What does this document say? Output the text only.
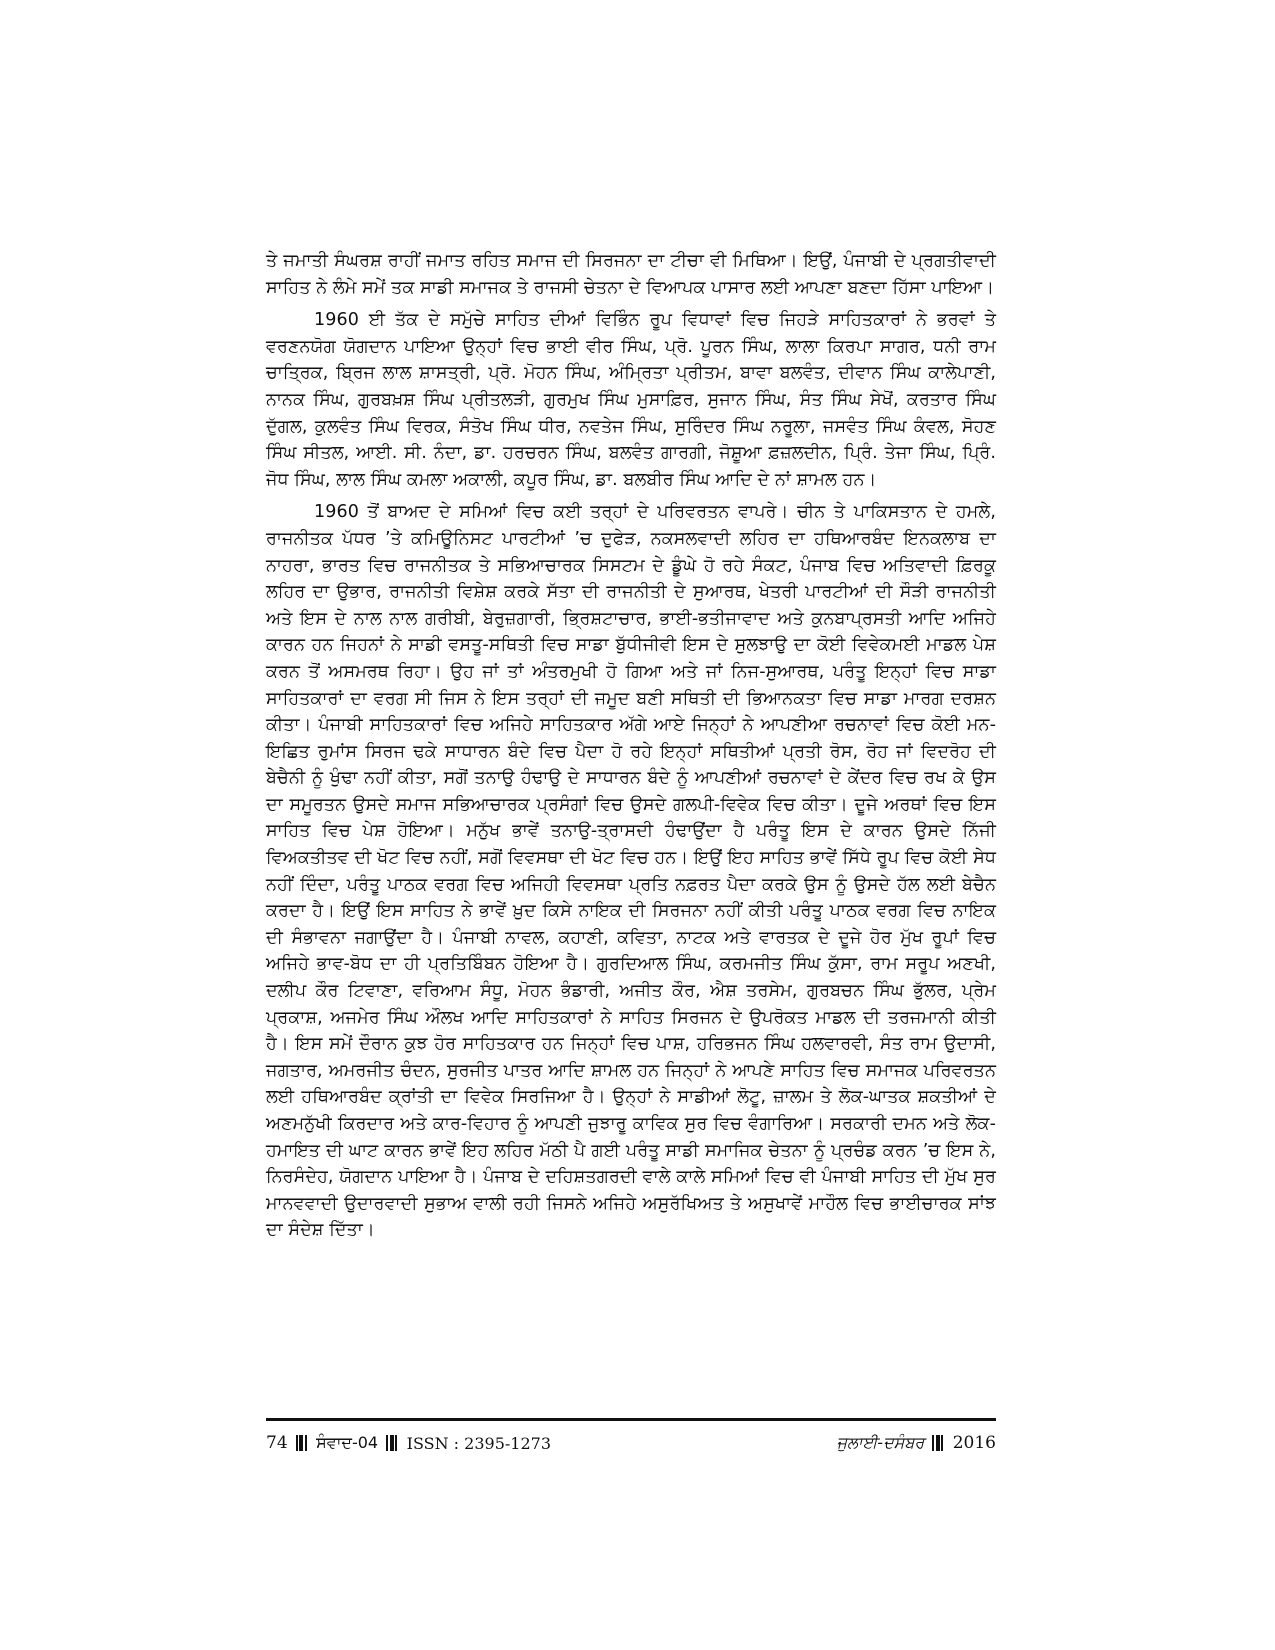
ਤੇ ਜਮਾਤੀ ਸੰਘਰਸ਼ ਰਾਹੀਂ ਜਮਾਤ ਰਹਿਤ ਸਮਾਜ ਦੀ ਸਿਰਜਨਾ ਦਾ ਟੀਚਾ ਵੀ ਮਿਥਿਆ। ਇਉਂ, ਪੰਜਾਬੀ ਦੇ ਪ੍ਰਗਤੀਵਾਦੀ ਸਾਹਿਤ ਨੇ ਲੰਮੇ ਸਮੇਂ ਤਕ ਸਾਡੀ ਸਮਾਜਕ ਤੇ ਰਾਜਸੀ ਚੇਤਨਾ ਦੇ ਵਿਆਪਕ ਪਾਸਾਰ ਲਈ ਆਪਣਾ ਬਣਦਾ ਹਿੱਸਾ ਪਾਇਆ।

1960 ਈ ਤੱਕ ਦੇ ਸਮੁੱਚੇ ਸਾਹਿਤ ਦੀਆਂ ਵਿਭਿੰਨ ਰੂਪ ਵਿਧਾਵਾਂ ਵਿਚ ਜਿਹੜੇ ਸਾਹਿਤਕਾਰਾਂ ਨੇ ਭਰਵਾਂ ਤੇ ਵਰਣਨਯੋਗ ਯੋਗਦਾਨ ਪਾਇਆ ਉਨ੍ਹਾਂ ਵਿਚ ਭਾਈ ਵੀਰ ਸਿੰਘ, ਪ੍ਰੋ. ਪੂਰਨ ਸਿੰਘ, ਲਾਲਾ ਕਿਰਪਾ ਸਾਗਰ, ਧਨੀ ਰਾਮ ਚਾਤ੍ਰਿਕ, ਬ੍ਰਿਜ ਲਾਲ ਸ਼ਾਸਤ੍ਰੀ, ਪ੍ਰੋ. ਮੋਹਨ ਸਿੰਘ, ਅੰਮ੍ਰਿਤਾ ਪ੍ਰੀਤਮ, ਬਾਵਾ ਬਲਵੰਤ, ਦੀਵਾਨ ਸਿੰਘ ਕਾਲੇਪਾਣੀ, ਨਾਨਕ ਸਿੰਘ, ਗੁਰਬਖ਼ਸ਼ ਸਿੰਘ ਪ੍ਰੀਤਲੜੀ, ਗੁਰਮੁਖ ਸਿੰਘ ਮੁਸਾਫ਼ਿਰ, ਸੁਜਾਨ ਸਿੰਘ, ਸੰਤ ਸਿੰਘ ਸੇਖੋਂ, ਕਰਤਾਰ ਸਿੰਘ ਦੁੱਗਲ, ਕੁਲਵੰਤ ਸਿੰਘ ਵਿਰਕ, ਸੰਤੋਖ ਸਿੰਘ ਧੀਰ, ਨਵਤੇਜ ਸਿੰਘ, ਸੁਰਿੰਦਰ ਸਿੰਘ ਨਰੂਲਾ, ਜਸਵੰਤ ਸਿੰਘ ਕੰਵਲ, ਸੋਹਣ ਸਿੰਘ ਸੀਤਲ, ਆਈ. ਸੀ. ਨੰਦਾ, ਡਾ. ਹਰਚਰਨ ਸਿੰਘ, ਬਲਵੰਤ ਗਾਰਗੀ, ਜੋਸ਼ੂਆ ਫ਼ਜ਼ਲਦੀਨ, ਪ੍ਰਿੰ. ਤੇਜਾ ਸਿੰਘ, ਪ੍ਰਿੰ. ਜੋਧ ਸਿੰਘ, ਲਾਲ ਸਿੰਘ ਕਮਲਾ ਅਕਾਲੀ, ਕਪੂਰ ਸਿੰਘ, ਡਾ. ਬਲਬੀਰ ਸਿੰਘ ਆਦਿ ਦੇ ਨਾਂ ਸ਼ਾਮਲ ਹਨ।

1960 ਤੋਂ ਬਾਅਦ ਦੇ ਸਮਿਆਂ ਵਿਚ ਕਈ ਤਰ੍ਹਾਂ ਦੇ ਪਰਿਵਰਤਨ ਵਾਪਰੇ। ਚੀਨ ਤੇ ਪਾਕਿਸਤਾਨ ਦੇ ਹਮਲੇ, ਰਾਜਨੀਤਕ ਪੱਧਰ ’ਤੇ ਕਮਿਊਨਿਸਟ ਪਾਰਟੀਆਂ ’ਚ ਦੁਫੇੜ, ਨਕਸਲਵਾਦੀ ਲਹਿਰ ਦਾ ਹਥਿਆਰਬੰਦ ਇਨਕਲਾਬ ਦਾ ਨਾਹਰਾ, ਭਾਰਤ ਵਿਚ ਰਾਜਨੀਤਕ ਤੇ ਸਭਿਆਚਾਰਕ ਸਿਸਟਮ ਦੇ ਡੂੰਘੇ ਹੋ ਰਹੇ ਸੰਕਟ, ਪੰਜਾਬ ਵਿਚ ਅਤਿਵਾਦੀ ਫ਼ਿਰਕੂ ਲਹਿਰ ਦਾ ਉਭਾਰ, ਰਾਜਨੀਤੀ ਵਿਸ਼ੇਸ਼ ਕਰਕੇ ਸੱਤਾ ਦੀ ਰਾਜਨੀਤੀ ਦੇ ਸੁਆਰਥ, ਖੇਤਰੀ ਪਾਰਟੀਆਂ ਦੀ ਸੌੜੀ ਰਾਜਨੀਤੀ ਅਤੇ ਇਸ ਦੇ ਨਾਲ ਨਾਲ ਗਰੀਬੀ, ਬੇਰੁਜ਼ਗਾਰੀ, ਭ੍ਰਿਸ਼ਟਾਚਾਰ, ਭਾਈ-ਭਤੀਜਾਵਾਦ ਅਤੇ ਕੁਨਬਾਪ੍ਰਸਤੀ ਆਦਿ ਅਜਿਹੇ ਕਾਰਨ ਹਨ ਜਿਹਨਾਂ ਨੇ ਸਾਡੀ ਵਸਤੂ-ਸਥਿਤੀ ਵਿਚ ਸਾਡਾ ਬੁੱਧੀਜੀਵੀ ਇਸ ਦੇ ਸੁਲਝਾਉ ਦਾ ਕੋਈ ਵਿਵੇਕਮਈ ਮਾਡਲ ਪੇਸ਼ ਕਰਨ ਤੋਂ ਅਸਮਰਥ ਰਿਹਾ। ਉਹ ਜਾਂ ਤਾਂ ਅੰਤਰਮੁਖੀ ਹੋ ਗਿਆ ਅਤੇ ਜਾਂ ਨਿਜ-ਸੁਆਰਥ, ਪਰੰਤੂ ਇਨ੍ਹਾਂ ਵਿਚ ਸਾਡਾ ਸਾਹਿਤਕਾਰਾਂ ਦਾ ਵਰਗ ਸੀ ਜਿਸ ਨੇ ਇਸ ਤਰ੍ਹਾਂ ਦੀ ਜਮੂਦ ਬਣੀ ਸਥਿਤੀ ਦੀ ਭਿਆਨਕਤਾ ਵਿਚ ਸਾਡਾ ਮਾਰਗ ਦਰਸ਼ਨ ਕੀਤਾ। ਪੰਜਾਬੀ ਸਾਹਿਤਕਾਰਾਂ ਵਿਚ ਅਜਿਹੇ ਸਾਹਿਤਕਾਰ ਅੱਗੇ ਆਏ ਜਿਨ੍ਹਾਂ ਨੇ ਆਪਣੀਆ ਰਚਨਾਵਾਂ ਵਿਚ ਕੋਈ ਮਨ-ਇਛਿਤ ਰੁਮਾਂਸ ਸਿਰਜ ਢਕੇ ਸਾਧਾਰਨ ਬੰਦੇ ਵਿਚ ਪੈਦਾ ਹੋ ਰਹੇ ਇਨ੍ਹਾਂ ਸਥਿਤੀਆਂ ਪ੍ਰਤੀ ਰੋਸ, ਰੋਹ ਜਾਂ ਵਿਦਰੋਹ ਦੀ ਬੇਚੈਨੀ ਨੂੰ ਖੁੰਢਾ ਨਹੀਂ ਕੀਤਾ, ਸਗੋਂ ਤਨਾਉ ਹੰਢਾਉ ਦੇ ਸਾਧਾਰਨ ਬੰਦੇ ਨੂੰ ਆਪਣੀਆਂ ਰਚਨਾਵਾਂ ਦੇ ਕੇਂਦਰ ਵਿਚ ਰਖ ਕੇ ਉਸ ਦਾ ਸਮੂਰਤਨ ਉਸਦੇ ਸਮਾਜ ਸਭਿਆਚਾਰਕ ਪ੍ਰਸੰਗਾਂ ਵਿਚ ਉਸਦੇ ਗਲਪੀ-ਵਿਵੇਕ ਵਿਚ ਕੀਤਾ। ਦੂਜੇ ਅਰਥਾਂ ਵਿਚ ਇਸ ਸਾਹਿਤ ਵਿਚ ਪੇਸ਼ ਹੋਇਆ। ਮਨੁੱਖ ਭਾਵੇਂ ਤਨਾਉ-ਤ੍ਰਾਸਦੀ ਹੰਢਾਉਂਦਾ ਹੈ ਪਰੰਤੂ ਇਸ ਦੇ ਕਾਰਨ ਉਸਦੇ ਨਿੱਜੀ ਵਿਅਕਤੀਤਵ ਦੀ ਖੋਟ ਵਿਚ ਨਹੀਂ, ਸਗੋਂ ਵਿਵਸਥਾ ਦੀ ਖੋਟ ਵਿਚ ਹਨ। ਇਉਂ ਇਹ ਸਾਹਿਤ ਭਾਵੇਂ ਸਿੱਧੇ ਰੂਪ ਵਿਚ ਕੋਈ ਸੇਧ ਨਹੀਂ ਦਿੰਦਾ, ਪਰੰਤੂ ਪਾਠਕ ਵਰਗ ਵਿਚ ਅਜਿਹੀ ਵਿਵਸਥਾ ਪ੍ਰਤਿ ਨਫ਼ਰਤ ਪੈਦਾ ਕਰਕੇ ਉਸ ਨੂੰ ਉਸਦੇ ਹੱਲ ਲਈ ਬੇਚੈਨ ਕਰਦਾ ਹੈ। ਇਉਂ ਇਸ ਸਾਹਿਤ ਨੇ ਭਾਵੇਂ ਖ਼ੁਦ ਕਿਸੇ ਨਾਇਕ ਦੀ ਸਿਰਜਨਾ ਨਹੀਂ ਕੀਤੀ ਪਰੰਤੂ ਪਾਠਕ ਵਰਗ ਵਿਚ ਨਾਇਕ ਦੀ ਸੰਭਾਵਨਾ ਜਗਾਉਂਦਾ ਹੈ। ਪੰਜਾਬੀ ਨਾਵਲ, ਕਹਾਣੀ, ਕਵਿਤਾ, ਨਾਟਕ ਅਤੇ ਵਾਰਤਕ ਦੇ ਦੂਜੇ ਹੋਰ ਮੁੱਖ ਰੂਪਾਂ ਵਿਚ ਅਜਿਹੇ ਭਾਵ-ਬੋਧ ਦਾ ਹੀ ਪ੍ਰਤਿਬਿੰਬਨ ਹੋਇਆ ਹੈ। ਗੁਰਦਿਆਲ ਸਿੰਘ, ਕਰਮਜੀਤ ਸਿੰਘ ਕੁੱਸਾ, ਰਾਮ ਸਰੂਪ ਅਣਖੀ, ਦਲੀਪ ਕੌਰ ਟਿਵਾਣਾ, ਵਰਿਆਮ ਸੰਧੂ, ਮੋਹਨ ਭੰਡਾਰੀ, ਅਜੀਤ ਕੌਰ, ਐਸ਼ ਤਰਸੇਮ, ਗੁਰਬਚਨ ਸਿੰਘ ਭੁੱਲਰ, ਪ੍ਰੇਮ ਪ੍ਰਕਾਸ਼, ਅਜਮੇਰ ਸਿੰਘ ਔਲਖ ਆਦਿ ਸਾਹਿਤਕਾਰਾਂ ਨੇ ਸਾਹਿਤ ਸਿਰਜਨ ਦੇ ਉਪਰੋਕਤ ਮਾਡਲ ਦੀ ਤਰਜਮਾਨੀ ਕੀਤੀ ਹੈ। ਇਸ ਸਮੇਂ ਦੌਰਾਨ ਕੁਝ ਹੋਰ ਸਾਹਿਤਕਾਰ ਹਨ ਜਿਨ੍ਹਾਂ ਵਿਚ ਪਾਸ਼, ਹਰਿਭਜਨ ਸਿੰਘ ਹਲਵਾਰਵੀ, ਸੰਤ ਰਾਮ ਉਦਾਸੀ, ਜਗਤਾਰ, ਅਮਰਜੀਤ ਚੰਦਨ, ਸੁਰਜੀਤ ਪਾਤਰ ਆਦਿ ਸ਼ਾਮਲ ਹਨ ਜਿਨ੍ਹਾਂ ਨੇ ਆਪਣੇ ਸਾਹਿਤ ਵਿਚ ਸਮਾਜਕ ਪਰਿਵਰਤਨ ਲਈ ਹਥਿਆਰਬੰਦ ਕ੍ਰਾਂਤੀ ਦਾ ਵਿਵੇਕ ਸਿਰਜਿਆ ਹੈ। ਉਨ੍ਹਾਂ ਨੇ ਸਾਡੀਆਂ ਲੋਟੂ, ਜ਼ਾਲਮ ਤੇ ਲੋਕ-ਘਾਤਕ ਸ਼ਕਤੀਆਂ ਦੇ ਅਣਮਨੁੱਖੀ ਕਿਰਦਾਰ ਅਤੇ ਕਾਰ-ਵਿਹਾਰ ਨੂੰ ਆਪਣੀ ਜੁਝਾਰੂ ਕਾਵਿਕ ਸੁਰ ਵਿਚ ਵੰਗਾਰਿਆ। ਸਰਕਾਰੀ ਦਮਨ ਅਤੇ ਲੋਕ-ਹਮਾਇਤ ਦੀ ਘਾਟ ਕਾਰਨ ਭਾਵੇਂ ਇਹ ਲਹਿਰ ਮੱਠੀ ਪੈ ਗਈ ਪਰੰਤੂ ਸਾਡੀ ਸਮਾਜਿਕ ਚੇਤਨਾ ਨੂੰ ਪ੍ਰਚੰਡ ਕਰਨ ’ਚ ਇਸ ਨੇ, ਨਿਰਸੰਦੇਹ, ਯੋਗਦਾਨ ਪਾਇਆ ਹੈ। ਪੰਜਾਬ ਦੇ ਦਹਿਸ਼ਤਗਰਦੀ ਵਾਲੇ ਕਾਲੇ ਸਮਿਆਂ ਵਿਚ ਵੀ ਪੰਜਾਬੀ ਸਾਹਿਤ ਦੀ ਮੁੱਖ ਸੁਰ ਮਾਨਵਵਾਦੀ ਉਦਾਰਵਾਦੀ ਸੁਭਾਅ ਵਾਲੀ ਰਹੀ ਜਿਸਨੇ ਅਜਿਹੇ ਅਸੁਰੱਖਿਅਤ ਤੇ ਅਸੁਖਾਵੇਂ ਮਾਹੌਲ ਵਿਚ ਭਾਈਚਾਰਕ ਸਾਂਝ ਦਾ ਸੰਦੇਸ਼ ਦਿੱਤਾ।

74 ਸੰਵਾਦ-04 ISSN : 2395-1273	ਜੁਲਾਈ-ਦਸੰਬਰ 2016
